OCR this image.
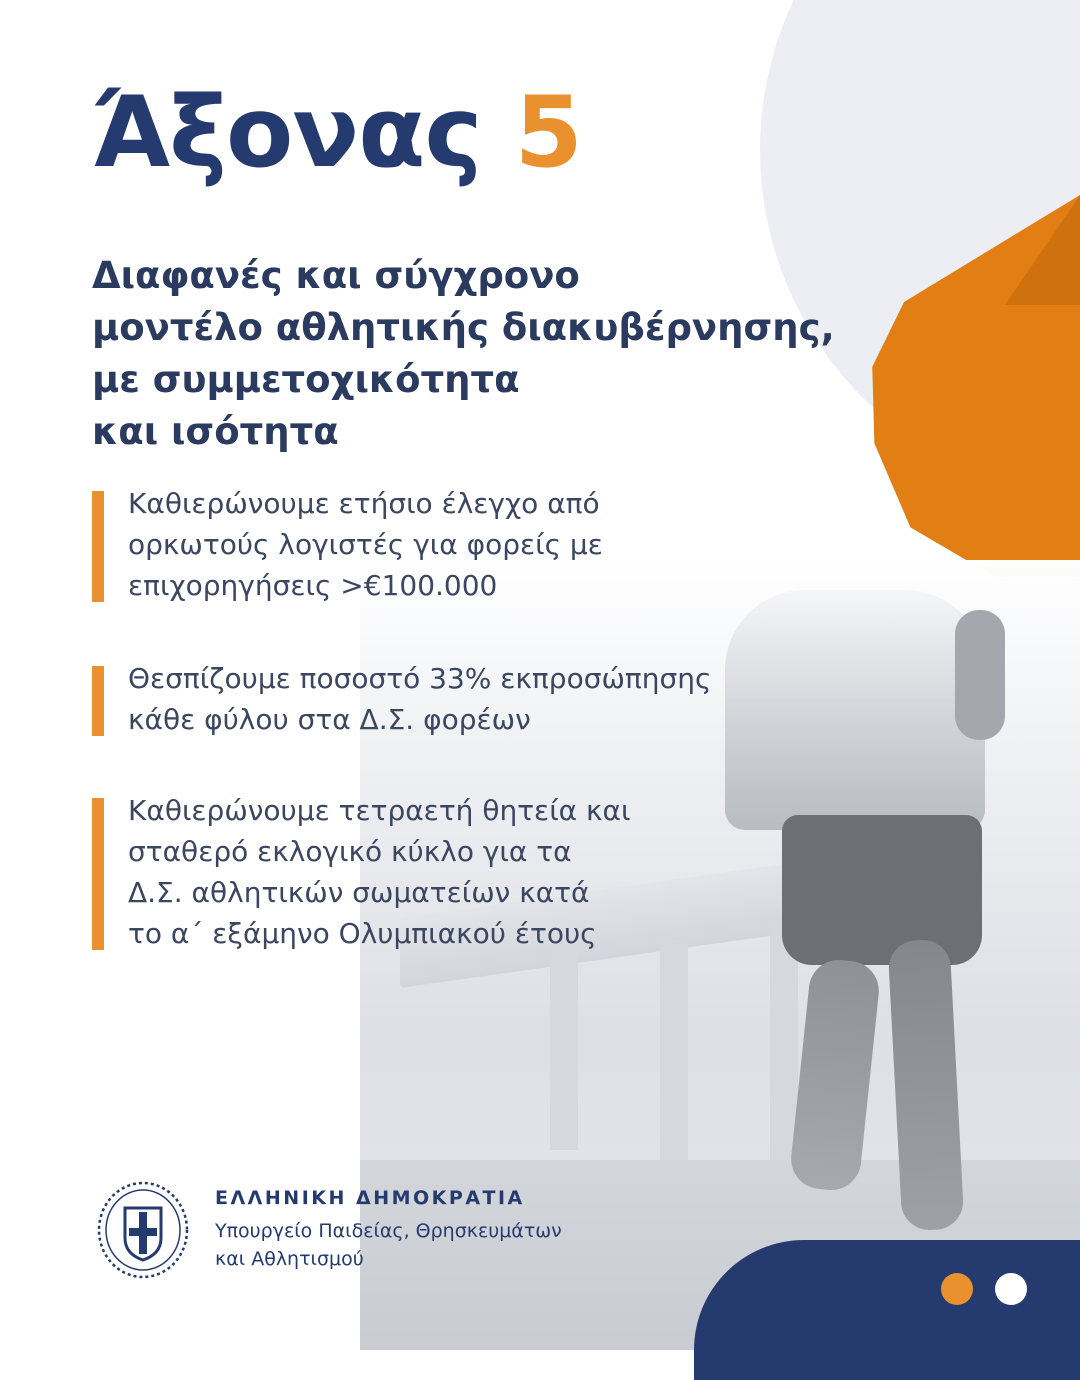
Άξονας 5
Διαφανές και σύγχρονο
μοντέλο αθλητικής διακυβέρνησης,
με συμμετοχικότητα
και ισότητα
Καθιερώνουμε ετήσιο έλεγχο από
ορκωτούς λογιστές για φορείς με
επιχορηγήσεις >€100.000
Θεσπίζουμε ποσοστό 33% εκπροσώπησης
κάθε φύλου στα Δ.Σ. φορέων
Καθιερώνουμε τετραετή θητεία και
σταθερό εκλογικό κύκλο για τα
Δ.Σ. αθλητικών σωματείων κατά
το α΄ εξάμηνο Ολυμπιακού έτους
ΕΛΛΗΝΙΚΗ ΔΗΜΟΚΡΑΤΙΑ
Υπουργείο Παιδείας, Θρησκευμάτων
και Αθλητισμού
